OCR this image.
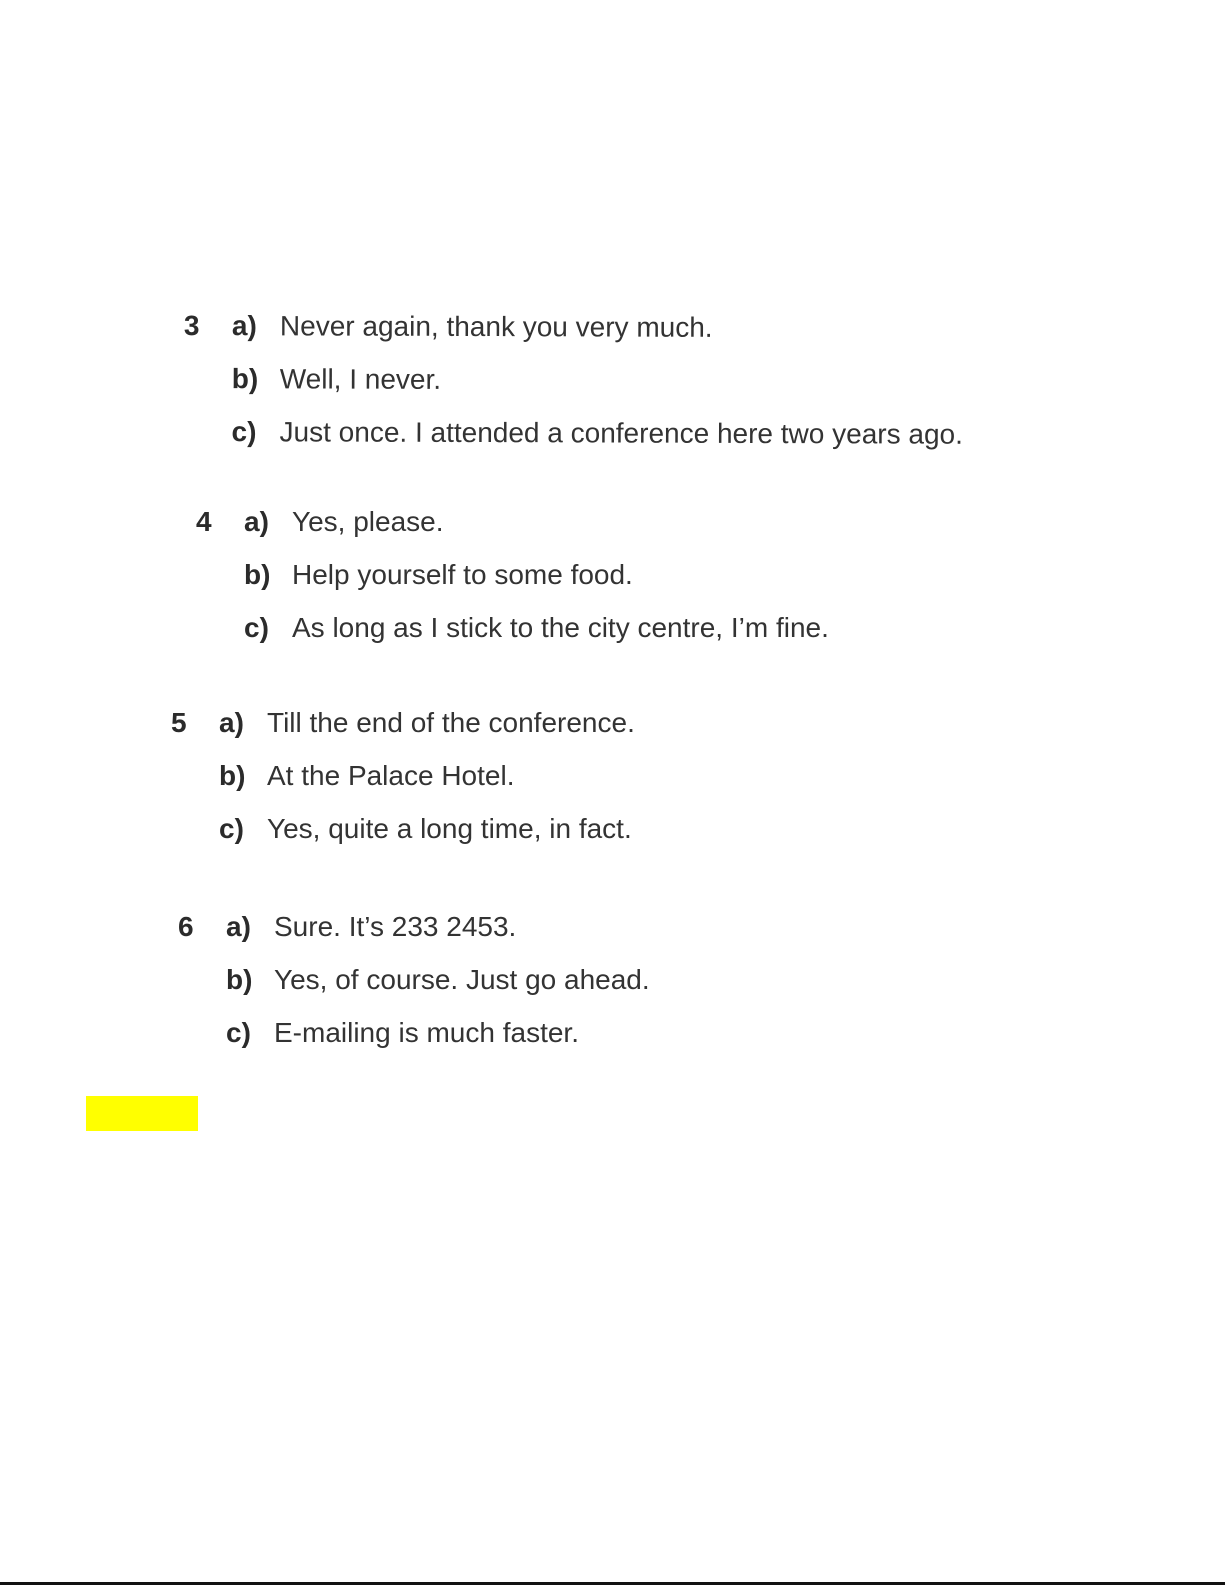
3 a) Never again, thank you very much.
b) Well, I never.
c) Just once. I attended a conference here two years ago.
4 a) Yes, please.
b) Help yourself to some food.
c) As long as I stick to the city centre, I’m fine.
5 a) Till the end of the conference.
b) At the Palace Hotel.
c) Yes, quite a long time, in fact.
6 a) Sure. It’s 233 2453.
b) Yes, of course. Just go ahead.
c) E-mailing is much faster.
